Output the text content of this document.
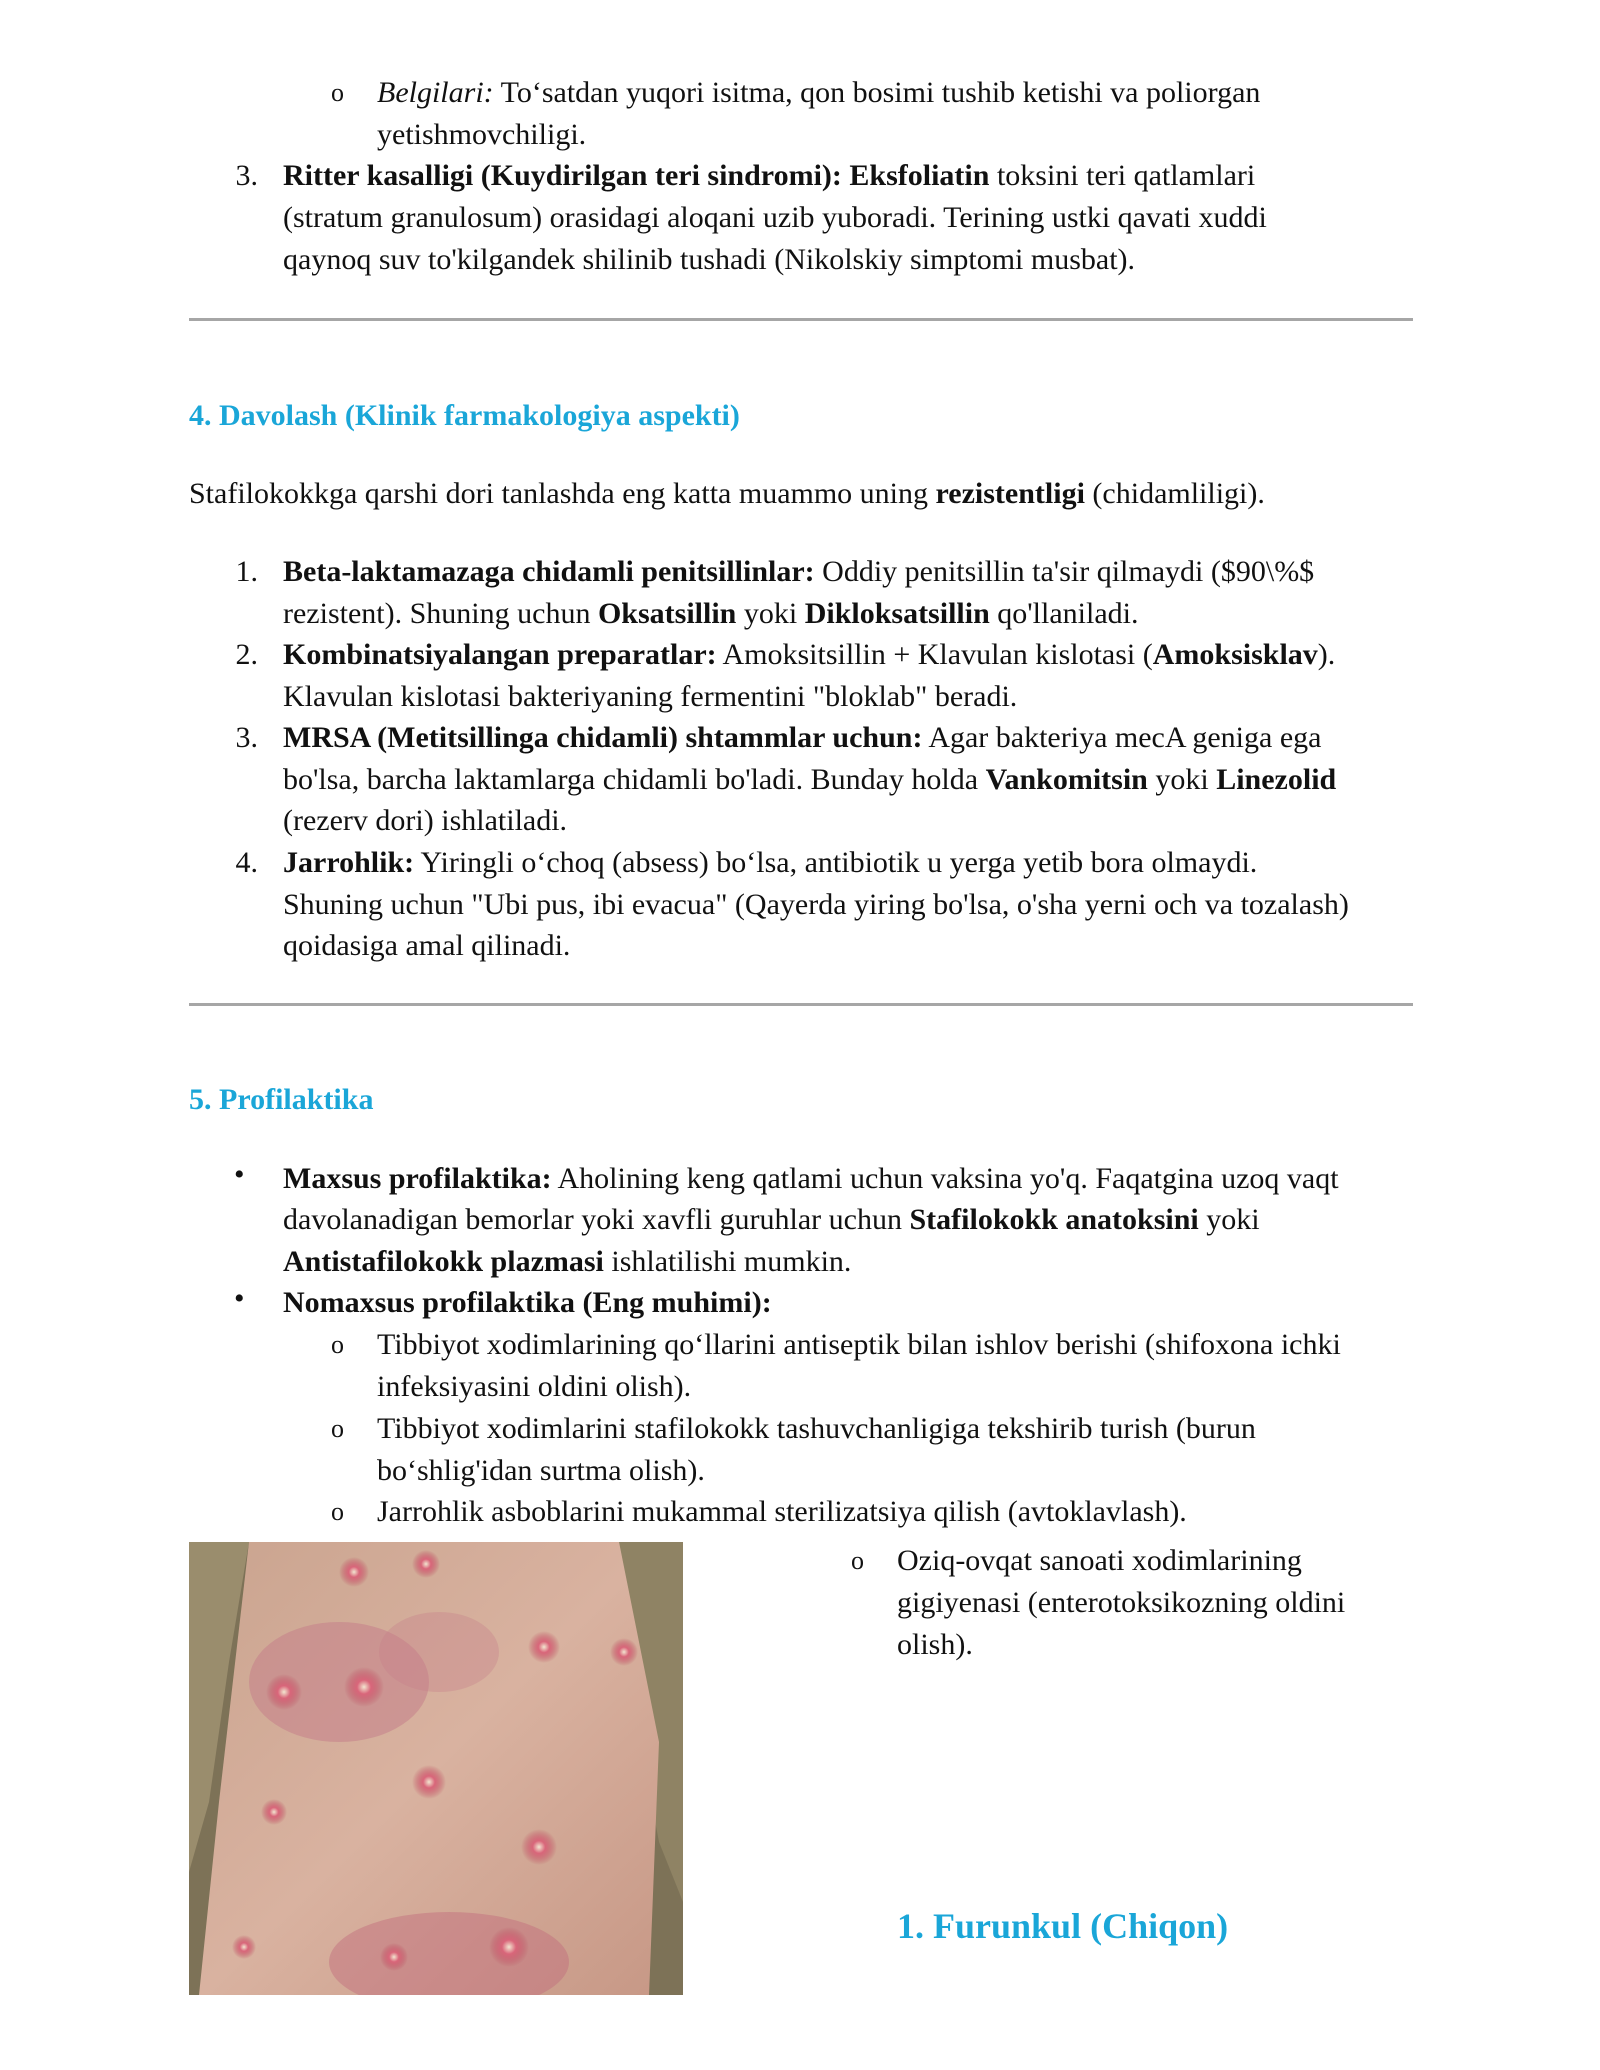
o Belgilari: To‘satdan yuqori isitma, qon bosimi tushib ketishi va poliorgan
yetishmovchiligi.
3. Ritter kasalligi (Kuydirilgan teri sindromi): Eksfoliatin toksini teri qatlamlari
(stratum granulosum) orasidagi aloqani uzib yuboradi. Terining ustki qavati xuddi
qaynoq suv to'kilgandek shilinib tushadi (Nikolskiy simptomi musbat).
4. Davolash (Klinik farmakologiya aspekti)
Stafilokokkga qarshi dori tanlashda eng katta muammo uning rezistentligi (chidamliligi).
1. Beta-laktamazaga chidamli penitsillinlar: Oddiy penitsillin ta'sir qilmaydi ($90\%$
rezistent). Shuning uchun Oksatsillin yoki Dikloksatsillin qo'llaniladi.
2. Kombinatsiyalangan preparatlar: Amoksitsillin + Klavulan kislotasi (Amoksisklav).
Klavulan kislotasi bakteriyaning fermentini "bloklab" beradi.
3. MRSA (Metitsillinga chidamli) shtammlar uchun: Agar bakteriya mecA geniga ega
bo'lsa, barcha laktamlarga chidamli bo'ladi. Bunday holda Vankomitsin yoki Linezolid
(rezerv dori) ishlatiladi.
4. Jarrohlik: Yiringli o‘choq (absess) bo‘lsa, antibiotik u yerga yetib bora olmaydi.
Shuning uchun "Ubi pus, ibi evacua" (Qayerda yiring bo'lsa, o'sha yerni och va tozalash)
qoidasiga amal qilinadi.
5. Profilaktika
• Maxsus profilaktika: Aholining keng qatlami uchun vaksina yo'q. Faqatgina uzoq vaqt
davolanadigan bemorlar yoki xavfli guruhlar uchun Stafilokokk anatoksini yoki
Antistafilokokk plazmasi ishlatilishi mumkin.
• Nomaxsus profilaktika (Eng muhimi):
o Tibbiyot xodimlarining qo‘llarini antiseptik bilan ishlov berishi (shifoxona ichki
infeksiyasini oldini olish).
o Tibbiyot xodimlarini stafilokokk tashuvchanligiga tekshirib turish (burun
bo‘shlig'idan surtma olish).
o Jarrohlik asboblarini mukammal sterilizatsiya qilish (avtoklavlash).
o Oziq-ovqat sanoati xodimlarining
gigiyenasi (enterotoksikozning oldini
olish).
1. Furunkul (Chiqon)
